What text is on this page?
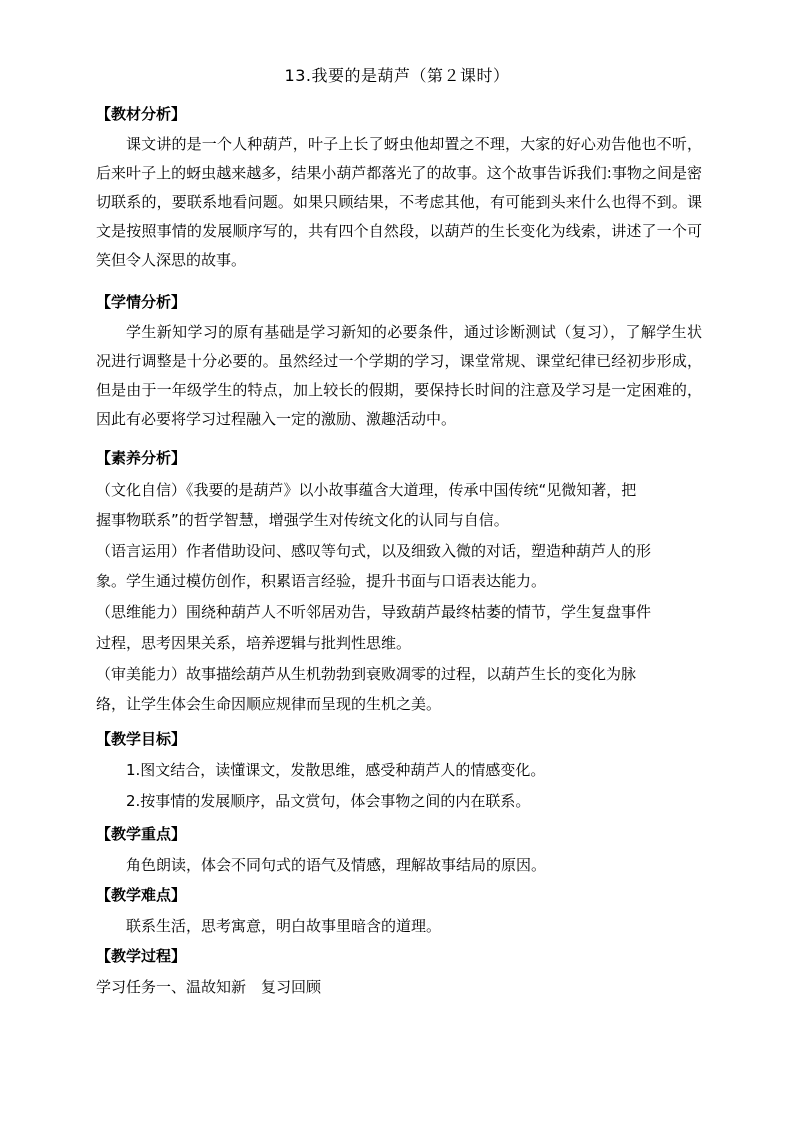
13.我要的是葫芦（第２课时）
【教材分析】

课文讲的是一个人种葫芦，叶子上长了蚜虫他却置之不理，大家的好心劝告他也不听，后来叶子上的蚜虫越来越多，结果小葫芦都落光了的故事。这个故事告诉我们:事物之间是密切联系的，要联系地看问题。如果只顾结果，不考虑其他，有可能到头来什么也得不到。课文是按照事情的发展顺序写的，共有四个自然段，以葫芦的生长变化为线索，讲述了一个可笑但令人深思的故事。

【学情分析】

学生新知学习的原有基础是学习新知的必要条件，通过诊断测试（复习），了解学生状况进行调整是十分必要的。虽然经过一个学期的学习，课堂常规、课堂纪律已经初步形成，但是由于一年级学生的特点，加上较长的假期，要保持长时间的注意及学习是一定困难的，因此有必要将学习过程融入一定的激励、激趣活动中。

【素养分析】
（文化自信）《我要的是葫芦》以小故事蕴含大道理，传承中国传统“见微知著，把
握事物联系”的哲学智慧，增强学生对传统文化的认同与自信。
（语言运用）作者借助设问、感叹等句式，以及细致入微的对话，塑造种葫芦人的形
象。学生通过模仿创作，积累语言经验，提升书面与口语表达能力。
（思维能力）围绕种葫芦人不听邻居劝告，导致葫芦最终枯萎的情节，学生复盘事件
过程，思考因果关系，培养逻辑与批判性思维。
（审美能力）故事描绘葫芦从生机勃勃到衰败凋零的过程，以葫芦生长的变化为脉
络，让学生体会生命因顺应规律而呈现的生机之美。
【教学目标】
1.图文结合，读懂课文，发散思维，感受种葫芦人的情感变化。
2.按事情的发展顺序，品文赏句，体会事物之间的内在联系。
【教学重点】
角色朗读，体会不同句式的语气及情感，理解故事结局的原因。
【教学难点】
联系生活，思考寓意，明白故事里暗含的道理。
【教学过程】
学习任务一、温故知新　复习回顾
